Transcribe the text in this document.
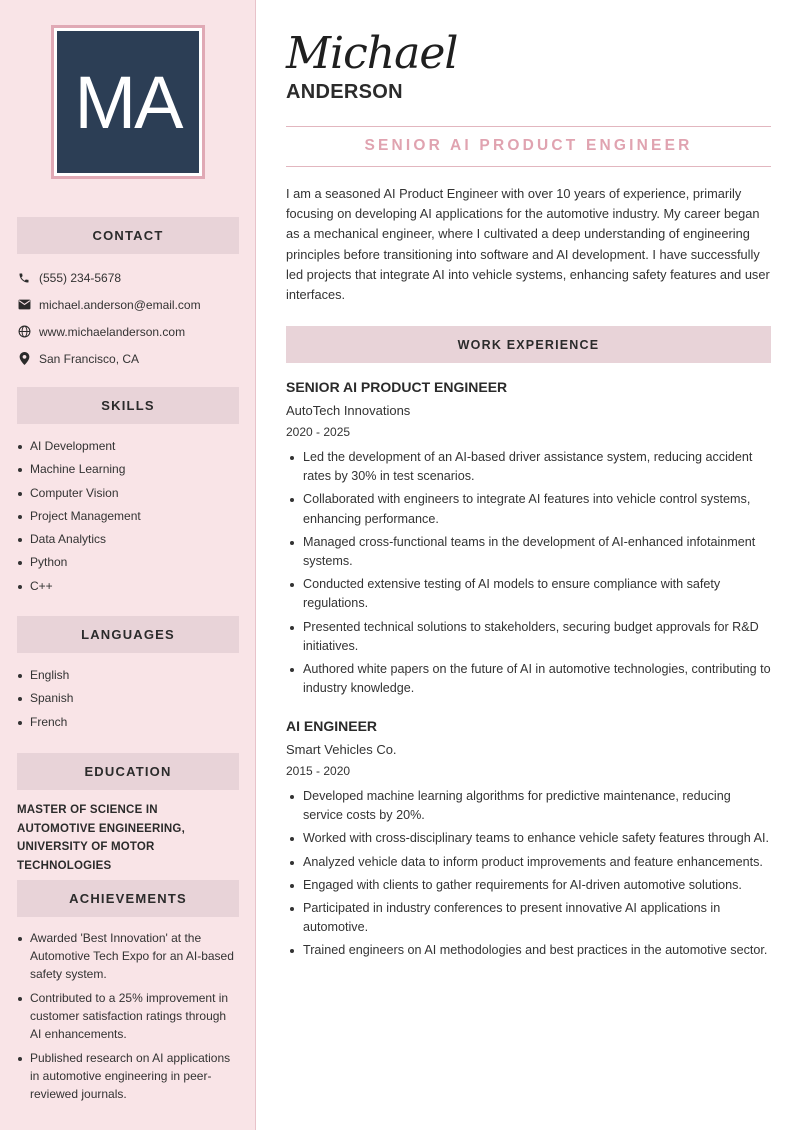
MA
CONTACT
(555) 234-5678
michael.anderson@email.com
www.michaelanderson.com
San Francisco, CA
SKILLS
AI Development
Machine Learning
Computer Vision
Project Management
Data Analytics
Python
C++
LANGUAGES
English
Spanish
French
EDUCATION
MASTER OF SCIENCE IN AUTOMOTIVE ENGINEERING, UNIVERSITY OF MOTOR TECHNOLOGIES
ACHIEVEMENTS
Awarded 'Best Innovation' at the Automotive Tech Expo for an AI-based safety system.
Contributed to a 25% improvement in customer satisfaction ratings through AI enhancements.
Published research on AI applications in automotive engineering in peer-reviewed journals.
Michael
ANDERSON
SENIOR AI PRODUCT ENGINEER

I am a seasoned AI Product Engineer with over 10 years of experience, primarily focusing on developing AI applications for the automotive industry. My career began as a mechanical engineer, where I cultivated a deep understanding of engineering principles before transitioning into software and AI development. I have successfully led projects that integrate AI into vehicle systems, enhancing safety features and user interfaces.

WORK EXPERIENCE
SENIOR AI PRODUCT ENGINEER
AutoTech Innovations
2020 - 2025
Led the development of an AI-based driver assistance system, reducing accident rates by 30% in test scenarios.
Collaborated with engineers to integrate AI features into vehicle control systems, enhancing performance.
Managed cross-functional teams in the development of AI-enhanced infotainment systems.
Conducted extensive testing of AI models to ensure compliance with safety regulations.
Presented technical solutions to stakeholders, securing budget approvals for R&D initiatives.
Authored white papers on the future of AI in automotive technologies, contributing to industry knowledge.
AI ENGINEER
Smart Vehicles Co.
2015 - 2020
Developed machine learning algorithms for predictive maintenance, reducing service costs by 20%.
Worked with cross-disciplinary teams to enhance vehicle safety features through AI.
Analyzed vehicle data to inform product improvements and feature enhancements.
Engaged with clients to gather requirements for AI-driven automotive solutions.
Participated in industry conferences to present innovative AI applications in automotive.
Trained engineers on AI methodologies and best practices in the automotive sector.
